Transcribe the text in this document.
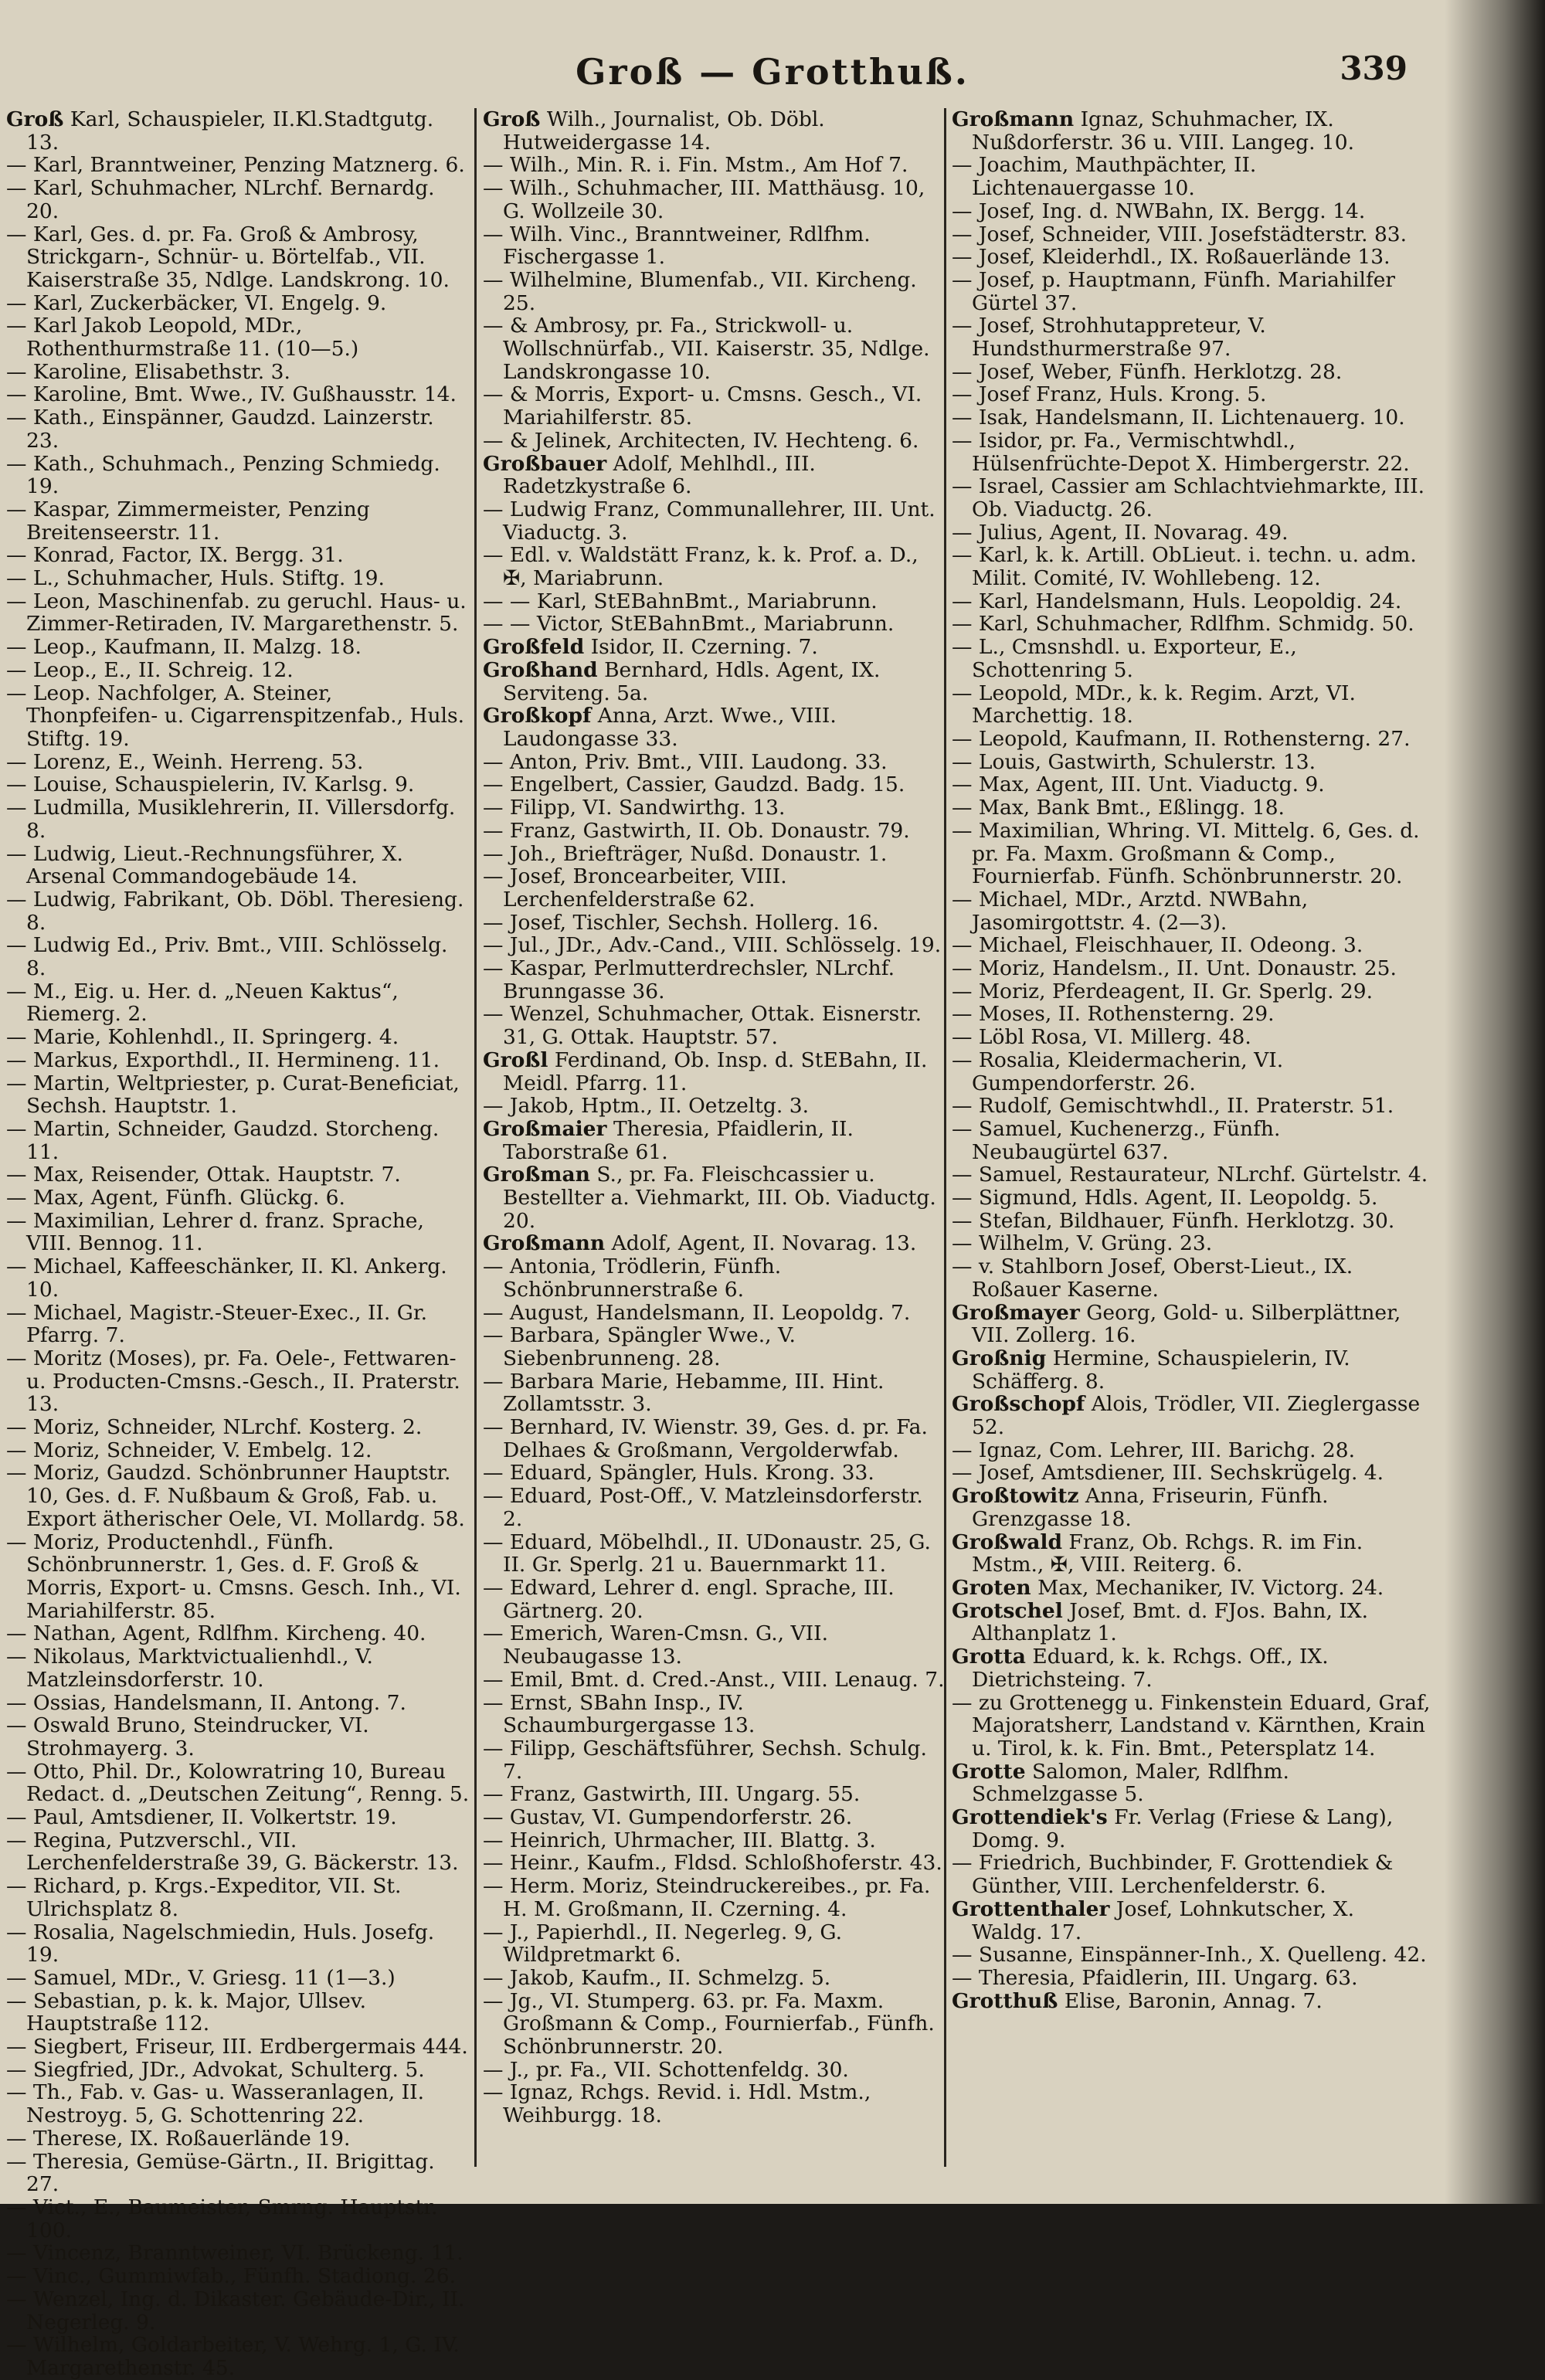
Groß — Grotthuß.	339
Groß Karl, Schauspieler, II.Kl.Stadtgutg. 13.
— Karl, Branntweiner, Penzing Matznerg. 6.
— Karl, Schuhmacher, NLrchf. Bernardg. 20.
— Karl, Ges. d. pr. Fa. Groß & Ambrosy, Strickgarn-, Schnür- u. Börtelfab., VII. Kaiserstraße 35, Ndlge. Landskrong. 10.
— Karl, Zuckerbäcker, VI. Engelg. 9.
— Karl Jakob Leopold, MDr., Rothenthurmstraße 11. (10—5.)
— Karoline, Elisabethstr. 3.
— Karoline, Bmt. Wwe., IV. Gußhausstr. 14.
— Kath., Einspänner, Gaudzd. Lainzerstr. 23.
— Kath., Schuhmach., Penzing Schmiedg. 19.
— Kaspar, Zimmermeister, Penzing Breitenseerstr. 11.
— Konrad, Factor, IX. Bergg. 31.
— L., Schuhmacher, Huls. Stiftg. 19.
— Leon, Maschinenfab. zu geruchl. Haus- u. Zimmer-Retiraden, IV. Margarethenstr. 5.
— Leop., Kaufmann, II. Malzg. 18.
— Leop., E., II. Schreig. 12.
— Leop. Nachfolger, A. Steiner, Thonpfeifen- u. Cigarrenspitzenfab., Huls. Stiftg. 19.
— Lorenz, E., Weinh. Herreng. 53.
— Louise, Schauspielerin, IV. Karlsg. 9.
— Ludmilla, Musiklehrerin, II. Villersdorfg. 8.
— Ludwig, Lieut.-Rechnungsführer, X. Arsenal Commandogebäude 14.
— Ludwig, Fabrikant, Ob. Döbl. Theresieng. 8.
— Ludwig Ed., Priv. Bmt., VIII. Schlösselg. 8.
— M., Eig. u. Her. d. „Neuen Kaktus“, Riemerg. 2.
— Marie, Kohlenhdl., II. Springerg. 4.
— Markus, Exporthdl., II. Hermineng. 11.
— Martin, Weltpriester, p. Curat-Beneficiat, Sechsh. Hauptstr. 1.
— Martin, Schneider, Gaudzd. Storcheng. 11.
— Max, Reisender, Ottak. Hauptstr. 7.
— Max, Agent, Fünfh. Glückg. 6.
— Maximilian, Lehrer d. franz. Sprache, VIII. Bennog. 11.
— Michael, Kaffeeschänker, II. Kl. Ankerg. 10.
— Michael, Magistr.-Steuer-Exec., II. Gr. Pfarrg. 7.
— Moritz (Moses), pr. Fa. Oele-, Fettwaren- u. Producten-Cmsns.-Gesch., II. Praterstr. 13.
— Moriz, Schneider, NLrchf. Kosterg. 2.
— Moriz, Schneider, V. Embelg. 12.
— Moriz, Gaudzd. Schönbrunner Hauptstr. 10, Ges. d. F. Nußbaum & Groß, Fab. u. Export ätherischer Oele, VI. Mollardg. 58.
— Moriz, Productenhdl., Fünfh. Schönbrunnerstr. 1, Ges. d. F. Groß & Morris, Export- u. Cmsns. Gesch. Inh., VI. Mariahilferstr. 85.
— Nathan, Agent, Rdlfhm. Kircheng. 40.
— Nikolaus, Marktvictualienhdl., V. Matzleinsdorferstr. 10.
— Ossias, Handelsmann, II. Antong. 7.
— Oswald Bruno, Steindrucker, VI. Strohmayerg. 3.
— Otto, Phil. Dr., Kolowratring 10, Bureau Redact. d. „Deutschen Zeitung“, Renng. 5.
— Paul, Amtsdiener, II. Volkertstr. 19.
— Regina, Putzverschl., VII. Lerchenfelderstraße 39, G. Bäckerstr. 13.
— Richard, p. Krgs.-Expeditor, VII. St. Ulrichsplatz 8.
— Rosalia, Nagelschmiedin, Huls. Josefg. 19.
— Samuel, MDr., V. Griesg. 11 (1—3.)
— Sebastian, p. k. k. Major, Ullsev. Hauptstraße 112.
— Siegbert, Friseur, III. Erdbergermais 444.
— Siegfried, JDr., Advokat, Schulterg. 5.
— Th., Fab. v. Gas- u. Wasseranlagen, II. Nestroyg. 5, G. Schottenring 22.
— Therese, IX. Roßauerlände 19.
— Theresia, Gemüse-Gärtn., II. Brigittag. 27.
— Vict., E., Baumeister, Smrng. Hauptstr. 100.
— Vincenz, Branntweiner, VI. Brückeng. 11.
— Vinc., Gummiwfab., Fünfh. Stadiong. 26.
— Wenzel, Ing. d. Dikaster. Gebäude-Dir., II. Negerleg. 9.
— Wilhelm, Goldarbeiter, V. Wehrg. 1, G. IV. Margarethenstr. 45.
Groß Wilh., Journalist, Ob. Döbl. Hutweidergasse 14.
— Wilh., Min. R. i. Fin. Mstm., Am Hof 7.
— Wilh., Schuhmacher, III. Matthäusg. 10, G. Wollzeile 30.
— Wilh. Vinc., Branntweiner, Rdlfhm. Fischergasse 1.
— Wilhelmine, Blumenfab., VII. Kircheng. 25.
— & Ambrosy, pr. Fa., Strickwoll- u. Wollschnürfab., VII. Kaiserstr. 35, Ndlge. Landskrongasse 10.
— & Morris, Export- u. Cmsns. Gesch., VI. Mariahilferstr. 85.
— & Jelinek, Architecten, IV. Hechteng. 6.
Großbauer Adolf, Mehlhdl., III. Radetzkystraße 6.
— Ludwig Franz, Communallehrer, III. Unt. Viaductg. 3.
— Edl. v. Waldstätt Franz, k. k. Prof. a. D., ✠, Mariabrunn.
— — Karl, StEBahnBmt., Mariabrunn.
— — Victor, StEBahnBmt., Mariabrunn.
Großfeld Isidor, II. Czerning. 7.
Großhand Bernhard, Hdls. Agent, IX. Serviteng. 5a.
Großkopf Anna, Arzt. Wwe., VIII. Laudongasse 33.
— Anton, Priv. Bmt., VIII. Laudong. 33.
— Engelbert, Cassier, Gaudzd. Badg. 15.
— Filipp, VI. Sandwirthg. 13.
— Franz, Gastwirth, II. Ob. Donaustr. 79.
— Joh., Briefträger, Nußd. Donaustr. 1.
— Josef, Broncearbeiter, VIII. Lerchenfelderstraße 62.
— Josef, Tischler, Sechsh. Hollerg. 16.
— Jul., JDr., Adv.-Cand., VIII. Schlösselg. 19.
— Kaspar, Perlmutterdrechsler, NLrchf. Brunngasse 36.
— Wenzel, Schuhmacher, Ottak. Eisnerstr. 31, G. Ottak. Hauptstr. 57.
Großl Ferdinand, Ob. Insp. d. StEBahn, II. Meidl. Pfarrg. 11.
— Jakob, Hptm., II. Oetzeltg. 3.
Großmaier Theresia, Pfaidlerin, II. Taborstraße 61.
Großman S., pr. Fa. Fleischcassier u. Bestellter a. Viehmarkt, III. Ob. Viaductg. 20.
Großmann Adolf, Agent, II. Novarag. 13.
— Antonia, Trödlerin, Fünfh. Schönbrunnerstraße 6.
— August, Handelsmann, II. Leopoldg. 7.
— Barbara, Spängler Wwe., V. Siebenbrunneng. 28.
— Barbara Marie, Hebamme, III. Hint. Zollamtsstr. 3.
— Bernhard, IV. Wienstr. 39, Ges. d. pr. Fa. Delhaes & Großmann, Vergolderwfab.
— Eduard, Spängler, Huls. Krong. 33.
— Eduard, Post-Off., V. Matzleinsdorferstr. 2.
— Eduard, Möbelhdl., II. UDonaustr. 25, G. II. Gr. Sperlg. 21 u. Bauernmarkt 11.
— Edward, Lehrer d. engl. Sprache, III. Gärtnerg. 20.
— Emerich, Waren-Cmsn. G., VII. Neubaugasse 13.
— Emil, Bmt. d. Cred.-Anst., VIII. Lenaug. 7.
— Ernst, SBahn Insp., IV. Schaumburgergasse 13.
— Filipp, Geschäftsführer, Sechsh. Schulg. 7.
— Franz, Gastwirth, III. Ungarg. 55.
— Gustav, VI. Gumpendorferstr. 26.
— Heinrich, Uhrmacher, III. Blattg. 3.
— Heinr., Kaufm., Fldsd. Schloßhoferstr. 43.
— Herm. Moriz, Steindruckereibes., pr. Fa. H. M. Großmann, II. Czerning. 4.
— J., Papierhdl., II. Negerleg. 9, G. Wildpretmarkt 6.
— Jakob, Kaufm., II. Schmelzg. 5.
— Jg., VI. Stumperg. 63. pr. Fa. Maxm. Großmann & Comp., Fournierfab., Fünfh. Schönbrunnerstr. 20.
— J., pr. Fa., VII. Schottenfeldg. 30.
— Ignaz, Rchgs. Revid. i. Hdl. Mstm., Weihburgg. 18.
Großmann Ignaz, Schuhmacher, IX. Nußdorferstr. 36 u. VIII. Langeg. 10.
— Joachim, Mauthpächter, II. Lichtenauergasse 10.
— Josef, Ing. d. NWBahn, IX. Bergg. 14.
— Josef, Schneider, VIII. Josefstädterstr. 83.
— Josef, Kleiderhdl., IX. Roßauerlände 13.
— Josef, p. Hauptmann, Fünfh. Mariahilfer Gürtel 37.
— Josef, Strohhutappreteur, V. Hundsthurmerstraße 97.
— Josef, Weber, Fünfh. Herklotzg. 28.
— Josef Franz, Huls. Krong. 5.
— Isak, Handelsmann, II. Lichtenauerg. 10.
— Isidor, pr. Fa., Vermischtwhdl., Hülsenfrüchte-Depot X. Himbergerstr. 22.
— Israel, Cassier am Schlachtviehmarkte, III. Ob. Viaductg. 26.
— Julius, Agent, II. Novarag. 49.
— Karl, k. k. Artill. ObLieut. i. techn. u. adm. Milit. Comité, IV. Wohllebeng. 12.
— Karl, Handelsmann, Huls. Leopoldig. 24.
— Karl, Schuhmacher, Rdlfhm. Schmidg. 50.
— L., Cmsnshdl. u. Exporteur, E., Schottenring 5.
— Leopold, MDr., k. k. Regim. Arzt, VI. Marchettig. 18.
— Leopold, Kaufmann, II. Rothensterng. 27.
— Louis, Gastwirth, Schulerstr. 13.
— Max, Agent, III. Unt. Viaductg. 9.
— Max, Bank Bmt., Eßlingg. 18.
— Maximilian, Whring. VI. Mittelg. 6, Ges. d. pr. Fa. Maxm. Großmann & Comp., Fournierfab. Fünfh. Schönbrunnerstr. 20.
— Michael, MDr., Arztd. NWBahn, Jasomirgottstr. 4. (2—3).
— Michael, Fleischhauer, II. Odeong. 3.
— Moriz, Handelsm., II. Unt. Donaustr. 25.
— Moriz, Pferdeagent, II. Gr. Sperlg. 29.
— Moses, II. Rothensterng. 29.
— Löbl Rosa, VI. Millerg. 48.
— Rosalia, Kleidermacherin, VI. Gumpendorferstr. 26.
— Rudolf, Gemischtwhdl., II. Praterstr. 51.
— Samuel, Kuchenerzg., Fünfh. Neubaugürtel 637.
— Samuel, Restaurateur, NLrchf. Gürtelstr. 4.
— Sigmund, Hdls. Agent, II. Leopoldg. 5.
— Stefan, Bildhauer, Fünfh. Herklotzg. 30.
— Wilhelm, V. Grüng. 23.
— v. Stahlborn Josef, Oberst-Lieut., IX. Roßauer Kaserne.
Großmayer Georg, Gold- u. Silberplättner, VII. Zollerg. 16.
Großnig Hermine, Schauspielerin, IV. Schäfferg. 8.
Großschopf Alois, Trödler, VII. Zieglergasse 52.
— Ignaz, Com. Lehrer, III. Barichg. 28.
— Josef, Amtsdiener, III. Sechskrügelg. 4.
Großtowitz Anna, Friseurin, Fünfh. Grenzgasse 18.
Großwald Franz, Ob. Rchgs. R. im Fin. Mstm., ✠, VIII. Reiterg. 6.
Groten Max, Mechaniker, IV. Victorg. 24.
Grotschel Josef, Bmt. d. FJos. Bahn, IX. Althanplatz 1.
Grotta Eduard, k. k. Rchgs. Off., IX. Dietrichsteing. 7.
— zu Grottenegg u. Finkenstein Eduard, Graf, Majoratsherr, Landstand v. Kärnthen, Krain u. Tirol, k. k. Fin. Bmt., Petersplatz 14.
Grotte Salomon, Maler, Rdlfhm. Schmelzgasse 5.
Grottendiek's Fr. Verlag (Friese & Lang), Domg. 9.
— Friedrich, Buchbinder, F. Grottendiek & Günther, VIII. Lerchenfelderstr. 6.
Grottenthaler Josef, Lohnkutscher, X. Waldg. 17.
— Susanne, Einspänner-Inh., X. Quelleng. 42.
— Theresia, Pfaidlerin, III. Ungarg. 63.
Grotthuß Elise, Baronin, Annag. 7.
